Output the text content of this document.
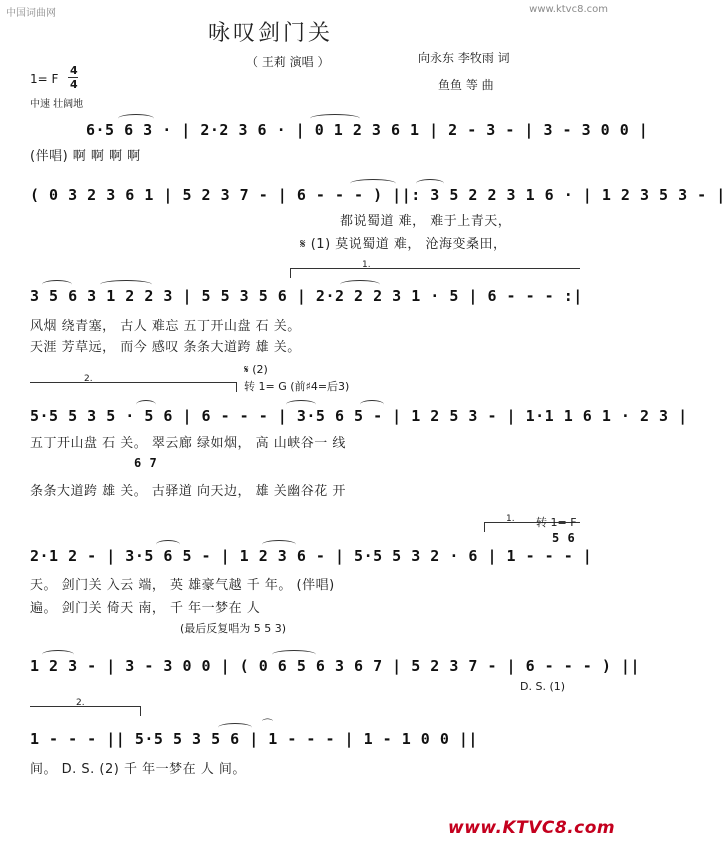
中国词曲网	www.ktvc8.com
咏叹剑门关
（ 王莉 演唱 ）	向永东 李牧雨 词
鱼鱼 等 曲
1= F
4
4
中速 壮阔地
6·5 6 3 · | 2·2 3 6 · | 0 1 2 3 6 1 | 2 - 3 - | 3 - 3 0 0 |
(伴唱) 啊 啊 啊 啊
( 0 3 2 3 6 1 | 5 2 3 7 - | 6 - - - ) ||: 3 5 2 2 3 1 6 · | 1 2 3 5 3 - |
都说蜀道 难， 难于上青天，
𝄋 (1) 莫说蜀道 难， 沧海变桑田，
1.
3 5 6 3 1 2 2 3 | 5 5 3 5 6 | 2·2 2 2 3 1 · 5 | 6 - - - :|
风烟 绕青塞， 古人 难忘 五丁开山盘 石 关。
天涯 芳草远， 而今 感叹 条条大道跨 雄 关。
2.
𝄋 (2)
转 1= G (前♯4=后3)
5·5 5 3 5 · 5 6 | 6 - - - | 3·5 6 5 - | 1 2 5 3 - | 1·1 1 6 1 · 2 3 |
五丁开山盘 石 关。 翠云廊 绿如烟， 高 山峡谷一 线
6 7
条条大道跨 雄 关。 古驿道 向天边， 雄 关幽谷花 开
1. 转 1= F
5 6
2·1 2 - | 3·5 6 5 - | 1 2 3 6 - | 5·5 5 3 2 · 6 | 1 - - - |
天。 剑门关 入云 端， 英 雄豪气越 千 年。 (伴唱)
遍。 剑门关 倚天 南， 千 年一梦在 人
(最后反复唱为 5 5 3)
1 2 3 - | 3 - 3 0 0 | ( 0 6 5 6 3 6 7 | 5 2 3 7 - | 6 - - - ) ||
D. S. (1)
2.
1 - - - || 5·5 5 3 5 6 | 1 - - - | 1 - 1 0 0 ||
⌒
间。 D. S. (2) 千 年一梦在 人 间。
www.KTVC8.com
